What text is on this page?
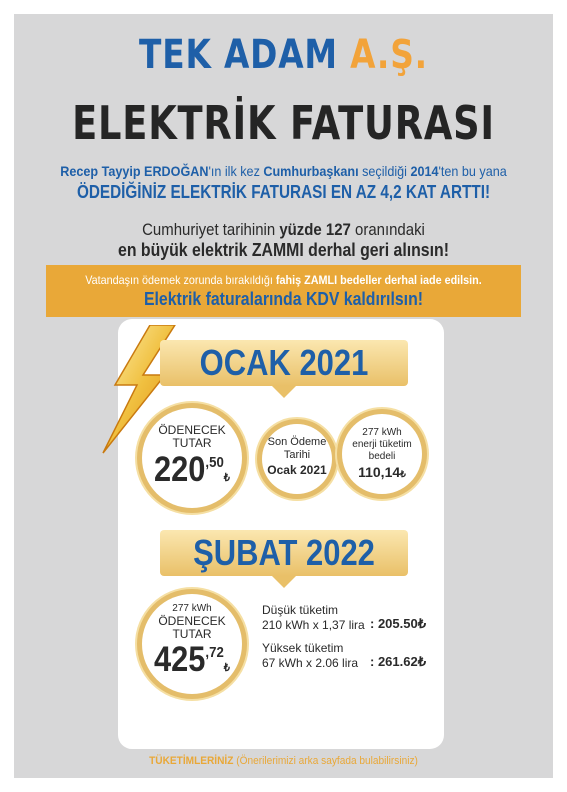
TEK ADAM A.Ş.
ELEKTRİK FATURASI
Recep Tayyip ERDOĞAN'ın ilk kez Cumhurbaşkanı seçildiği 2014'ten bu yana
ÖDEDİĞİNİZ ELEKTRİK FATURASI EN AZ 4,2 KAT ARTTI!
Cumhuriyet tarihinin yüzde 127 oranındaki
en büyük elektrik ZAMMI derhal geri alınsın!
Vatandaşın ödemek zorunda bırakıldığı fahiş ZAMLI bedeller derhal iade edilsin.
Elektrik faturalarında KDV kaldırılsın!
OCAK 2021
ÖDENECEK
TUTAR
$220^{,50}₺$
Son Ödeme
Tarihi
Ocak 2021
277 kWh
enerji tüketim
bedeli
110,14₺
ŞUBAT 2022
277 kWh
ÖDENECEK
TUTAR
$425^{,72}₺$
Düşük tüketim
210 kWh x 1,37 lira : 205.50₺
Yüksek tüketim
67 kWh x 2.06 lira : 261.62₺
TÜKETİMLERİNİZ (Önerilerimizi arka sayfada bulabilirsiniz)
